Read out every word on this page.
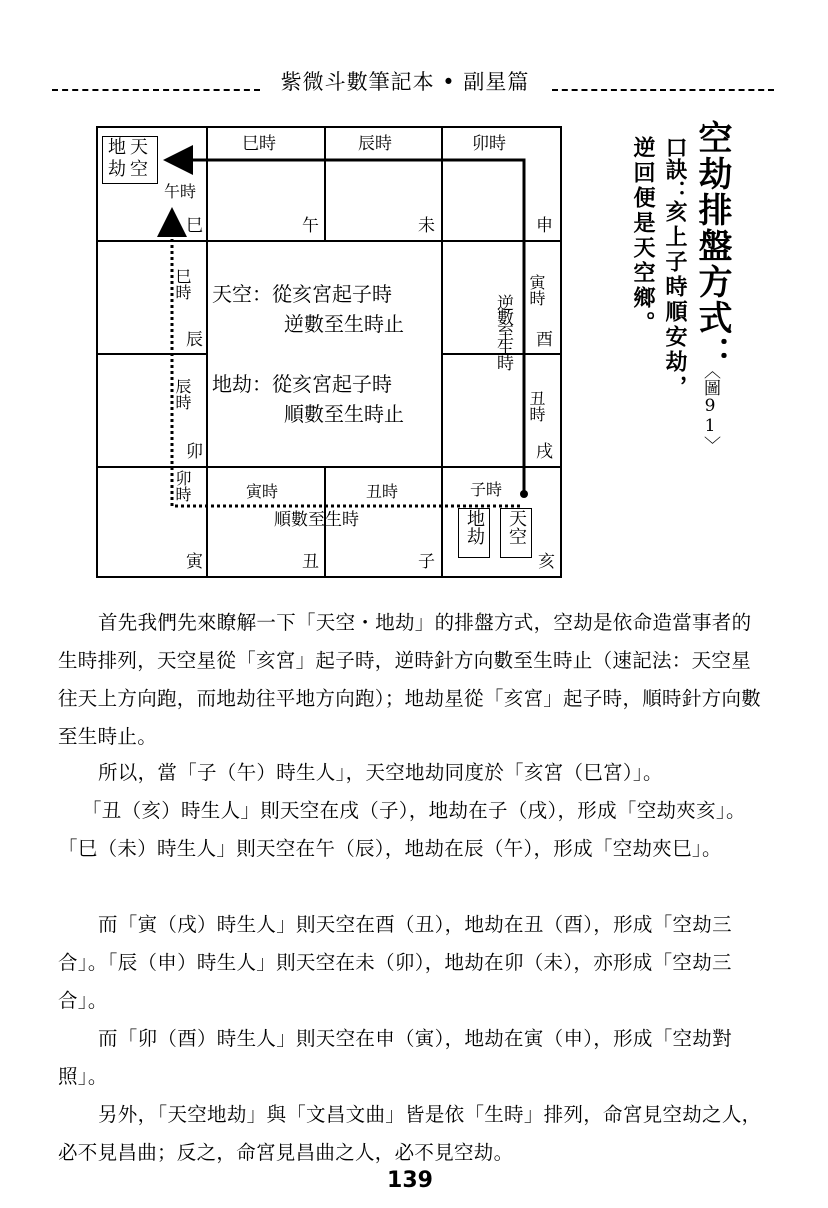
紫微斗數筆記本 • 副星篇
地天
劫空
巳時	辰時	卯時
午時
巳時
辰時
卯時
寅時
丑時
巳	午	未	申
辰	酉
卯	戌
寅	丑	子	亥
天空：從亥宮起子時
逆數至生時止
地劫：從亥宮起子時
順數至生時止
逆數至生時
寅時	丑時	子時
順數至生時	地劫 天空
空劫排盤方式：
〈圖91〉
口訣：
亥上子時順安劫，
逆回便是天空鄉。
首先我們先來瞭解一下「天空・地劫」的排盤方式，空劫是依命造當事者的生時排列，天空星從「亥宮」起子時，逆時針方向數至生時止（速記法：天空星往天上方向跑，而地劫往平地方向跑）；地劫星從「亥宮」起子時，順時針方向數至生時止。
所以，當「子（午）時生人」，天空地劫同度於「亥宮（巳宮）」。
「丑（亥）時生人」則天空在戌（子），地劫在子（戌），形成「空劫夾亥」。「巳（未）時生人」則天空在午（辰），地劫在辰（午），形成「空劫夾巳」。
而「寅（戌）時生人」則天空在酉（丑），地劫在丑（酉），形成「空劫三合」。「辰（申）時生人」則天空在未（卯），地劫在卯（未），亦形成「空劫三合」。
而「卯（酉）時生人」則天空在申（寅），地劫在寅（申），形成「空劫對照」。
另外，「天空地劫」與「文昌文曲」皆是依「生時」排列，命宮見空劫之人，必不見昌曲；反之，命宮見昌曲之人，必不見空劫。
139
